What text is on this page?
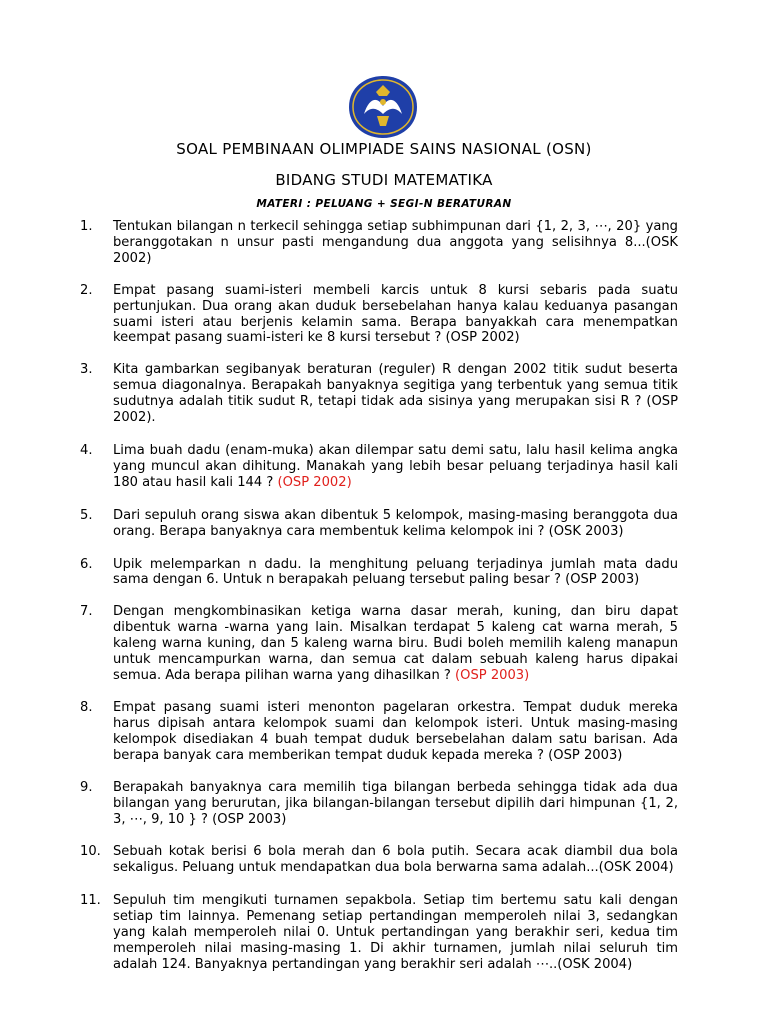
SOAL PEMBINAAN OLIMPIADE SAINS NASIONAL (OSN)
BIDANG STUDI MATEMATIKA
MATERI : PELUANG + SEGI-N BERATURAN
1. Tentukan bilangan n terkecil sehingga setiap subhimpunan dari {1, 2, 3, ⋯, 20} yang beranggotakan n unsur pasti mengandung dua anggota yang selisihnya 8...(OSK 2002)
2. Empat pasang suami-isteri membeli karcis untuk 8 kursi sebaris pada suatu pertunjukan. Dua orang akan duduk bersebelahan hanya kalau keduanya pasangan suami isteri atau berjenis kelamin sama. Berapa banyakkah cara menempatkan keempat pasang suami-isteri ke 8 kursi tersebut ? (OSP 2002)
3. Kita gambarkan segibanyak beraturan (reguler) R dengan 2002 titik sudut beserta semua diagonalnya. Berapakah banyaknya segitiga yang terbentuk yang semua titik sudutnya adalah titik sudut R, tetapi tidak ada sisinya yang merupakan sisi R ? (OSP 2002).
4. Lima buah dadu (enam-muka) akan dilempar satu demi satu, lalu hasil kelima angka yang muncul akan dihitung. Manakah yang lebih besar peluang terjadinya hasil kali 180 atau hasil kali 144 ? (OSP 2002)
5. Dari sepuluh orang siswa akan dibentuk 5 kelompok, masing-masing beranggota dua orang. Berapa banyaknya cara membentuk kelima kelompok ini ? (OSK 2003)
6. Upik melemparkan n dadu. Ia menghitung peluang terjadinya jumlah mata dadu sama dengan 6. Untuk n berapakah peluang tersebut paling besar ? (OSP 2003)
7. Dengan mengkombinasikan ketiga warna dasar merah, kuning, dan biru dapat dibentuk warna -warna yang lain. Misalkan terdapat 5 kaleng cat warna merah, 5 kaleng warna kuning, dan 5 kaleng warna biru. Budi boleh memilih kaleng manapun untuk mencampurkan warna, dan semua cat dalam sebuah kaleng harus dipakai semua. Ada berapa pilihan warna yang dihasilkan ? (OSP 2003)
8. Empat pasang suami isteri menonton pagelaran orkestra. Tempat duduk mereka harus dipisah antara kelompok suami dan kelompok isteri. Untuk masing-masing kelompok disediakan 4 buah tempat duduk bersebelahan dalam satu barisan. Ada berapa banyak cara memberikan tempat duduk kepada mereka ? (OSP 2003)
9. Berapakah banyaknya cara memilih tiga bilangan berbeda sehingga tidak ada dua bilangan yang berurutan, jika bilangan-bilangan tersebut dipilih dari himpunan {1, 2, 3, ⋯, 9, 10 } ? (OSP 2003)
10. Sebuah kotak berisi 6 bola merah dan 6 bola putih. Secara acak diambil dua bola sekaligus. Peluang untuk mendapatkan dua bola berwarna sama adalah...(OSK 2004)
11. Sepuluh tim mengikuti turnamen sepakbola. Setiap tim bertemu satu kali dengan setiap tim lainnya. Pemenang setiap pertandingan memperoleh nilai 3, sedangkan yang kalah memperoleh nilai 0. Untuk pertandingan yang berakhir seri, kedua tim memperoleh nilai masing-masing 1. Di akhir turnamen, jumlah nilai seluruh tim adalah 124. Banyaknya pertandingan yang berakhir seri adalah ⋯..(OSK 2004)
